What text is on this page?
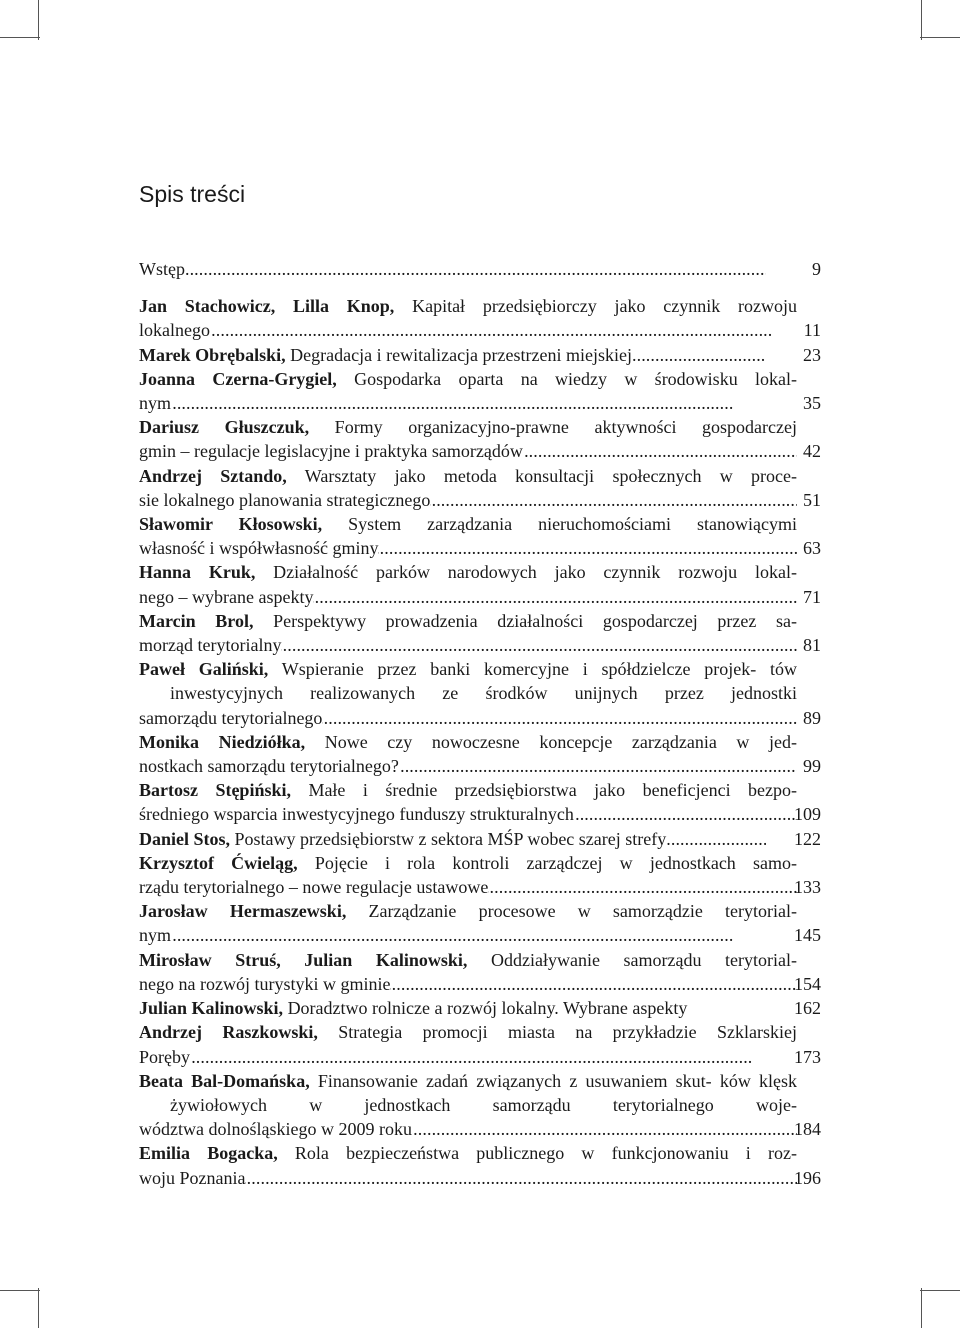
Spis treści

Wstęp . . .	9

Jan Stachowicz, Lilla Knop, Kapitał przedsiębiorczy jako czynnik rozwoju
lokalnego . . .	11

Marek Obrębalski, Degradacja i rewitalizacja przestrzeni miejskiej . . .	23

Joanna Czerna-Grygiel, Gospodarka oparta na wiedzy w środowisku lokal-
nym . . .	35

Dariusz Głuszczuk, Formy organizacyjno-prawne aktywności gospodarczej
gmin – regulacje legislacyjne i praktyka samorządów . . .	42

Andrzej Sztando, Warsztaty jako metoda konsultacji społecznych w proce-
sie lokalnego planowania strategicznego . . .	51

Sławomir Kłosowski, System zarządzania nieruchomościami stanowiącymi
własność i współwłasność gminy . . .	63

Hanna Kruk, Działalność parków narodowych jako czynnik rozwoju lokal-
nego – wybrane aspekty . . .	71

Marcin Brol, Perspektywy prowadzenia działalności gospodarczej przez sa-
morząd terytorialny . . .	81

Paweł Galiński, Wspieranie przez banki komercyjne i spółdzielcze projek- tów inwestycyjnych realizowanych ze środków unijnych przez jednostki
samorządu terytorialnego . . .	89

Monika Niedziółka, Nowe czy nowoczesne koncepcje zarządzania w jed-
nostkach samorządu terytorialnego? . . .	99

Bartosz Stępiński, Małe i średnie przedsiębiorstwa jako beneficjenci bezpo-
średniego wsparcia inwestycyjnego funduszy strukturalnych . . .	109

Daniel Stos, Postawy przedsiębiorstw z sektora MŚP wobec szarej strefy . . .	122

Krzysztof Ćwieląg, Pojęcie i rola kontroli zarządczej w jednostkach samo-
rządu terytorialnego – nowe regulacje ustawowe . . .	133

Jarosław Hermaszewski, Zarządzanie procesowe w samorządzie terytorial-
nym . . .	145

Mirosław Struś, Julian Kalinowski, Oddziaływanie samorządu terytorial-
nego na rozwój turystyki w gminie . . .	154

Julian Kalinowski, Doradztwo rolnicze a rozwój lokalny. Wybrane aspekty	162

Andrzej Raszkowski, Strategia promocji miasta na przykładzie Szklarskiej
Poręby . . .	173

Beata Bal-Domańska, Finansowanie zadań związanych z usuwaniem skut- ków klęsk żywiołowych w jednostkach samorządu terytorialnego woje-
wództwa dolnośląskiego w 2009 roku . . .	184

Emilia Bogacka, Rola bezpieczeństwa publicznego w funkcjonowaniu i roz-
woju Poznania . . .	196
